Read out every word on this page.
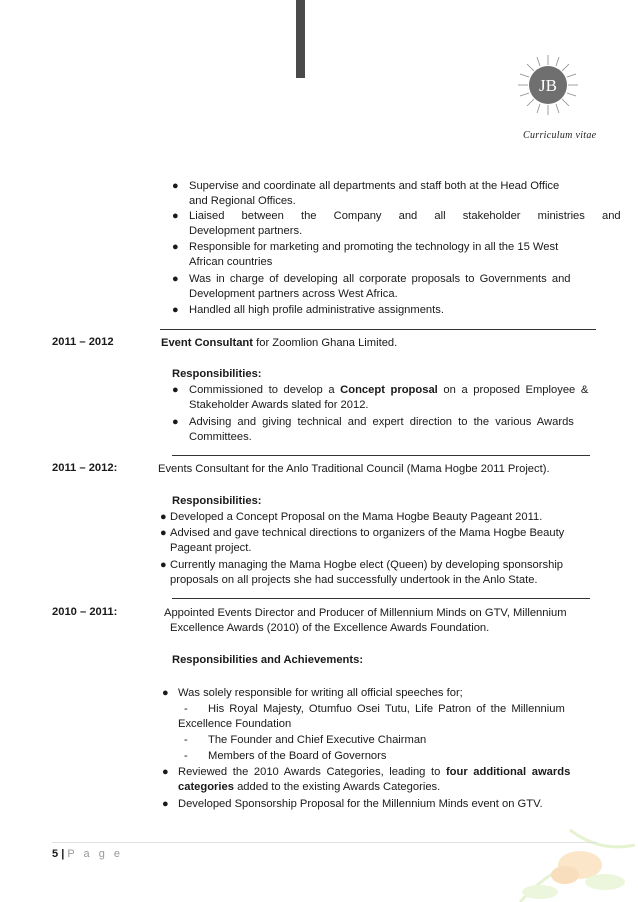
JB
Curriculum vitae
● Supervise and coordinate all departments and staff both at the Head Office
and Regional Offices.
● Liaised between the Company and all stakeholder ministries and
Development partners.
● Responsible for marketing and promoting the technology in all the 15 West
African countries
● Was in charge of developing all corporate proposals to Governments and
Development partners across West Africa.
● Handled all high profile administrative assignments.
2011 – 2012	Event Consultant for Zoomlion Ghana Limited.
Responsibilities:
● Commissioned to develop a Concept proposal on a proposed Employee &
Stakeholder Awards slated for 2012.
● Advising and giving technical and expert direction to the various Awards
Committees.
2011 – 2012:	Events Consultant for the Anlo Traditional Council (Mama Hogbe 2011 Project).
Responsibilities:
● Developed a Concept Proposal on the Mama Hogbe Beauty Pageant 2011.
● Advised and gave technical directions to organizers of the Mama Hogbe Beauty
Pageant project.
● Currently managing the Mama Hogbe elect (Queen) by developing sponsorship
proposals on all projects she had successfully undertook in the Anlo State.
2010 – 2011:	Appointed Events Director and Producer of Millennium Minds on GTV, Millennium
Excellence Awards (2010) of the Excellence Awards Foundation.
Responsibilities and Achievements:
● Was solely responsible for writing all official speeches for;
- His Royal Majesty, Otumfuo Osei Tutu, Life Patron of the Millennium
Excellence Foundation
- The Founder and Chief Executive Chairman
- Members of the Board of Governors
● Reviewed the 2010 Awards Categories, leading to four additional awards
categories added to the existing Awards Categories.
● Developed Sponsorship Proposal for the Millennium Minds event on GTV.
5 | P a g e
